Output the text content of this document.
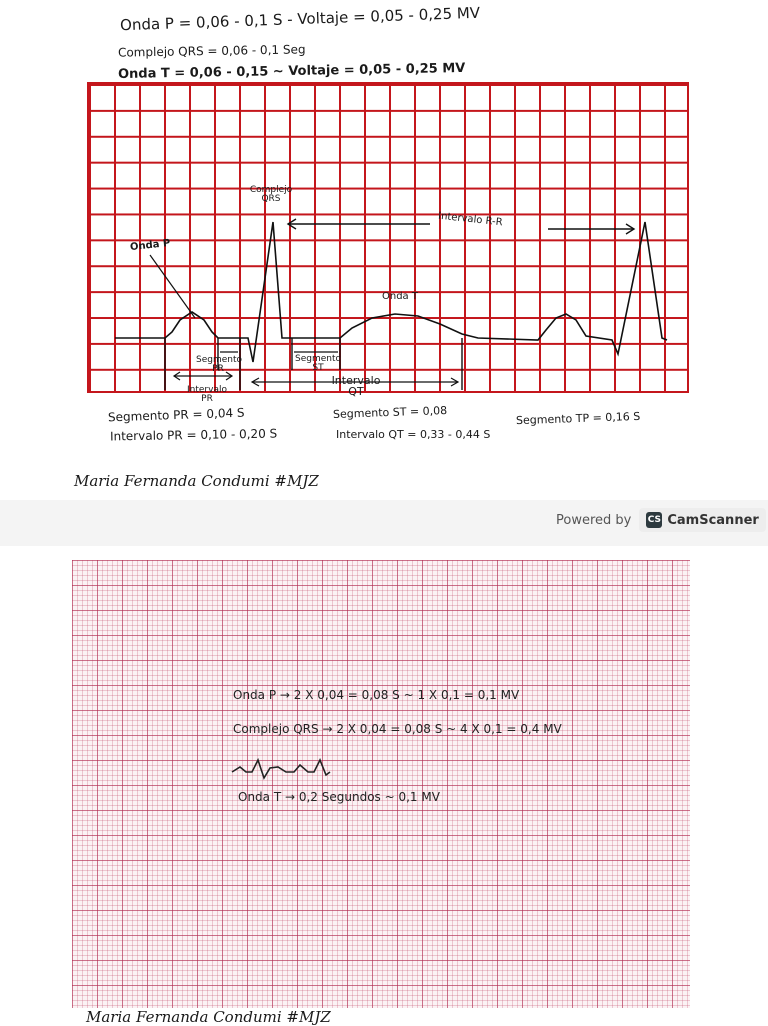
Onda P = 0,06 - 0,1 S - Voltaje = 0,05 - 0,25 MV
Complejo QRS = 0,06 - 0,1 Seg
Onda T = 0,06 - 0,15 ~ Voltaje = 0,05 - 0,25 MV
Complejo QRS
Intervalo R-R
Onda P
Onda T
Segmento PR
Segmento ST
Intervalo PR
Intervalo QT
Segmento PR = 0,04 S
Intervalo PR = 0,10 - 0,20 S
Segmento ST = 0,08
Intervalo QT = 0,33 - 0,44 S
Segmento TP = 0,16 S
Maria Fernanda Condumi #MJZ
Powered by CS CamScanner
Onda P → 2 X 0,04 = 0,08 S ~ 1 X 0,1 = 0,1 MV
Complejo QRS → 2 X 0,04 = 0,08 S ~ 4 X 0,1 = 0,4 MV
Onda T → 0,2 Segundos ~ 0,1 MV
Maria Fernanda Condumi #MJZ
